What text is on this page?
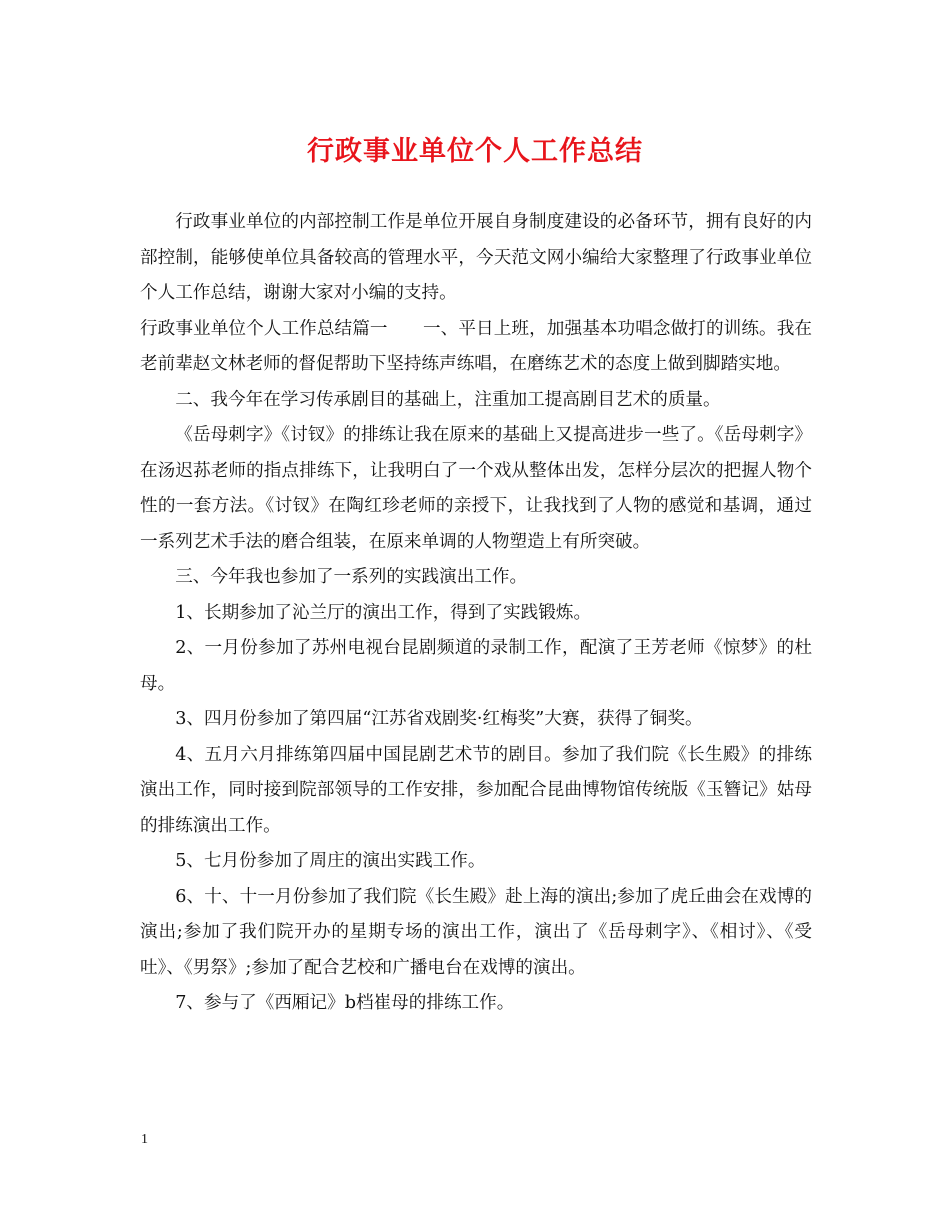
行政事业单位个人工作总结

行政事业单位的内部控制工作是单位开展自身制度建设的必备环节，拥有良好的内部控制，能够使单位具备较高的管理水平，今天范文网小编给大家整理了行政事业单位个人工作总结，谢谢大家对小编的支持。

行政事业单位个人工作总结篇一　　一、平日上班，加强基本功唱念做打的训练。我在老前辈赵文林老师的督促帮助下坚持练声练唱，在磨练艺术的态度上做到脚踏实地。

二、我今年在学习传承剧目的基础上，注重加工提高剧目艺术的质量。

《岳母刺字》《讨钗》的排练让我在原来的基础上又提高进步一些了。《岳母刺字》在汤迟荪老师的指点排练下，让我明白了一个戏从整体出发，怎样分层次的把握人物个性的一套方法。《讨钗》在陶红珍老师的亲授下，让我找到了人物的感觉和基调，通过一系列艺术手法的磨合组装，在原来单调的人物塑造上有所突破。

三、今年我也参加了一系列的实践演出工作。

1、长期参加了沁兰厅的演出工作，得到了实践锻炼。

2、一月份参加了苏州电视台昆剧频道的录制工作，配演了王芳老师《惊梦》的杜母。

3、四月份参加了第四届“江苏省戏剧奖·红梅奖”大赛，获得了铜奖。

4、五月六月排练第四届中国昆剧艺术节的剧目。参加了我们院《长生殿》的排练演出工作，同时接到院部领导的工作安排，参加配合昆曲博物馆传统版《玉簪记》姑母的排练演出工作。

5、七月份参加了周庄的演出实践工作。

6、十、十一月份参加了我们院《长生殿》赴上海的演出;参加了虎丘曲会在戏博的演出;参加了我们院开办的星期专场的演出工作，演出了《岳母刺字》、《相讨》、《受吐》、《男祭》;参加了配合艺校和广播电台在戏博的演出。

7、参与了《西厢记》b档崔母的排练工作。

1
